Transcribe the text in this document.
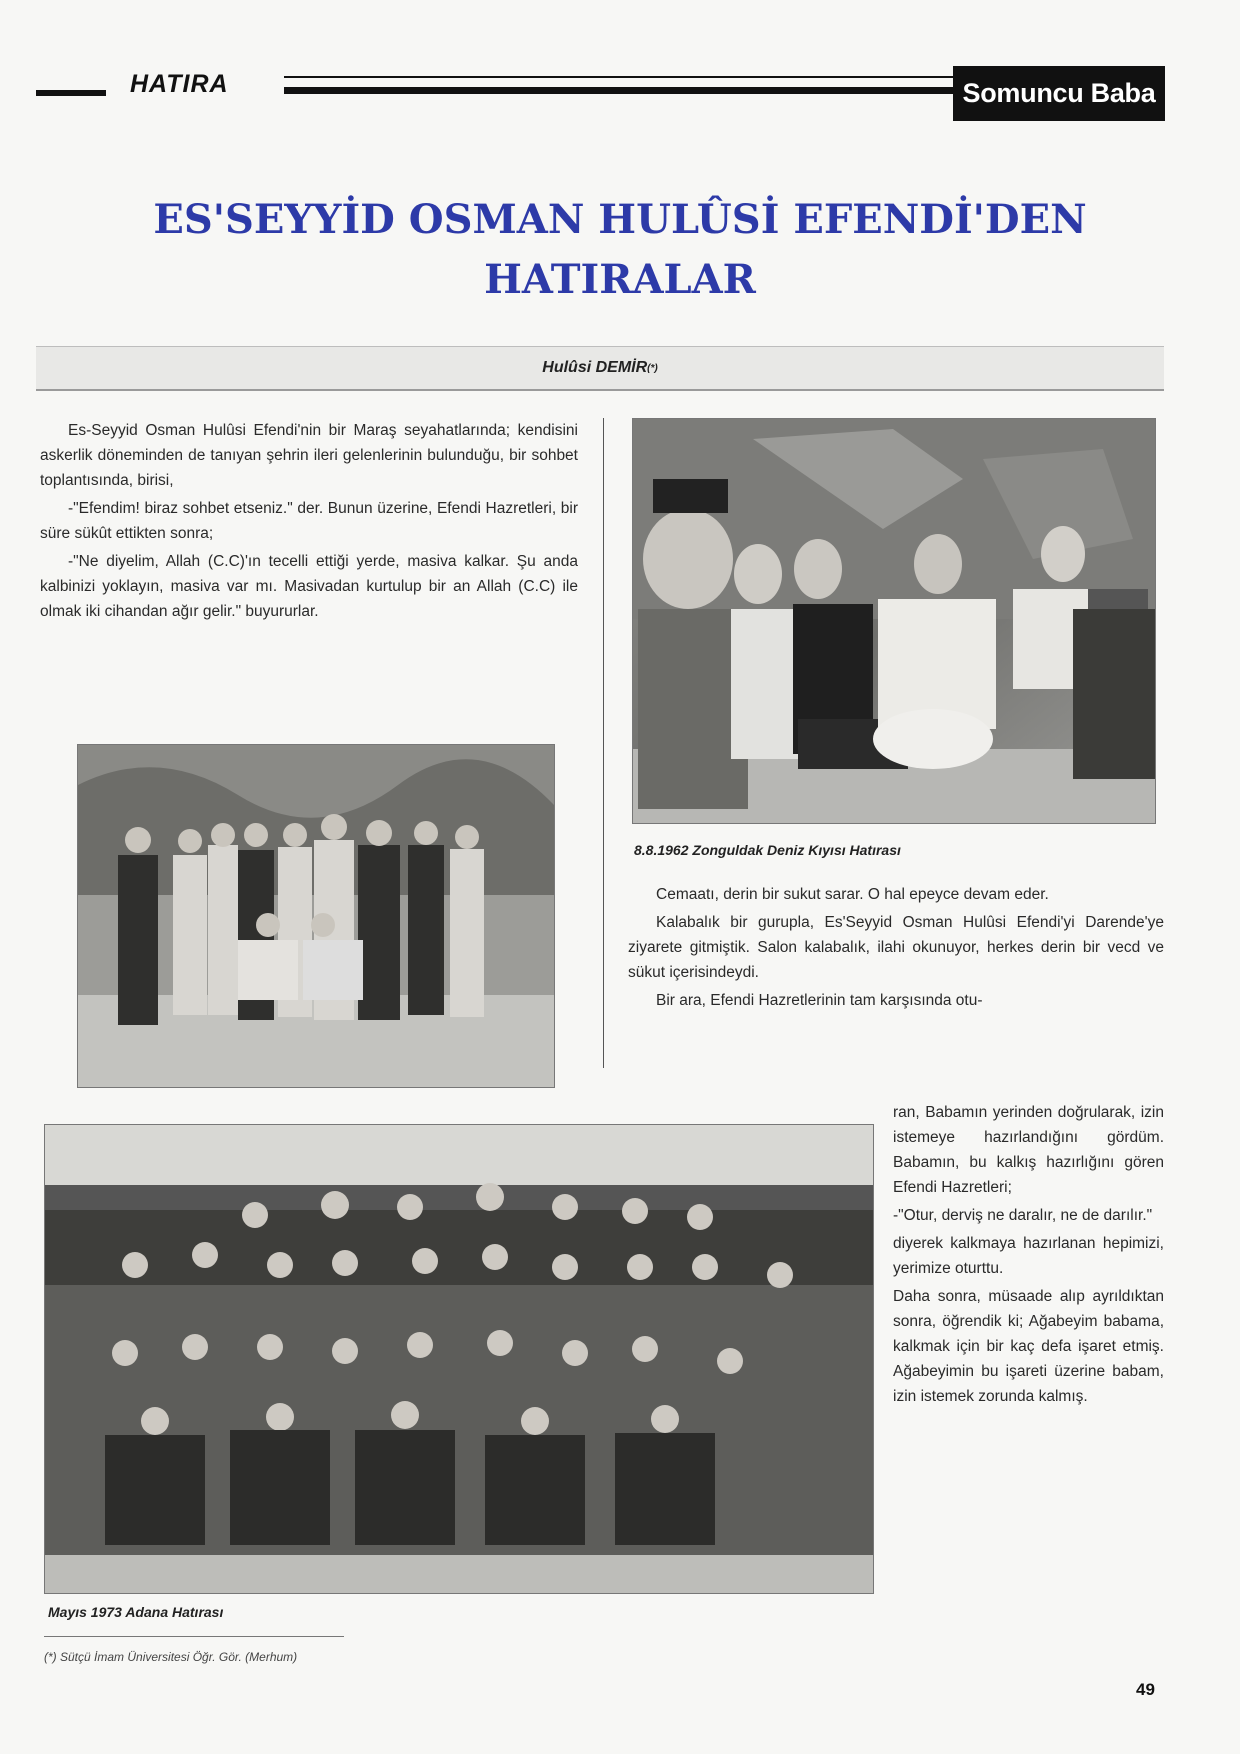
HATIRA	Somuncu Baba
ES'SEYYİD OSMAN HULÛSİ EFENDİ'DEN
HATIRALAR
Hulûsi DEMİR (*)

Es-Seyyid Osman Hulûsi Efendi'nin bir Maraş seyahatlarında; kendisini askerlik döneminden de tanıyan şehrin ileri gelenlerinin bulunduğu, bir sohbet toplantısında, birisi,

-"Efendim! biraz sohbet etseniz." der. Bunun üzerine, Efendi Hazretleri, bir süre sükût ettikten sonra;

-"Ne diyelim, Allah (C.C)'ın tecelli ettiği yerde, masiva kalkar. Şu anda kalbinizi yoklayın, masiva var mı. Masivadan kurtulup bir an Allah (C.C) ile olmak iki cihandan ağır gelir." buyururlar.

8.8.1962 Zonguldak Deniz Kıyısı Hatırası

Cemaatı, derin bir sukut sarar. O hal epeyce devam eder.

Kalabalık bir gurupla, Es'Seyyid Osman Hulûsi Efendi'yi Darende'ye ziyarete gitmiştik. Salon kalabalık, ilahi okunuyor, herkes derin bir vecd ve sükut içerisindeydi.

Bir ara, Efendi Hazretlerinin tam karşısında otu-

ran, Babamın yerinden doğrularak, izin istemeye hazırlandığını gördüm. Babamın, bu kalkış hazırlığını gören Efendi Hazretleri;

-"Otur, derviş ne daralır, ne de darılır."

diyerek kalkmaya hazırlanan hepimizi, yerimize oturttu.

Daha sonra, müsaade alıp ayrıldıktan sonra, öğrendik ki; Ağabeyim babama, kalkmak için bir kaç defa işaret etmiş. Ağabeyimin bu işareti üzerine babam, izin istemek zorunda kalmış.

Mayıs 1973 Adana Hatırası
(*) Sütçü İmam Üniversitesi Öğr. Gör. (Merhum)
49
